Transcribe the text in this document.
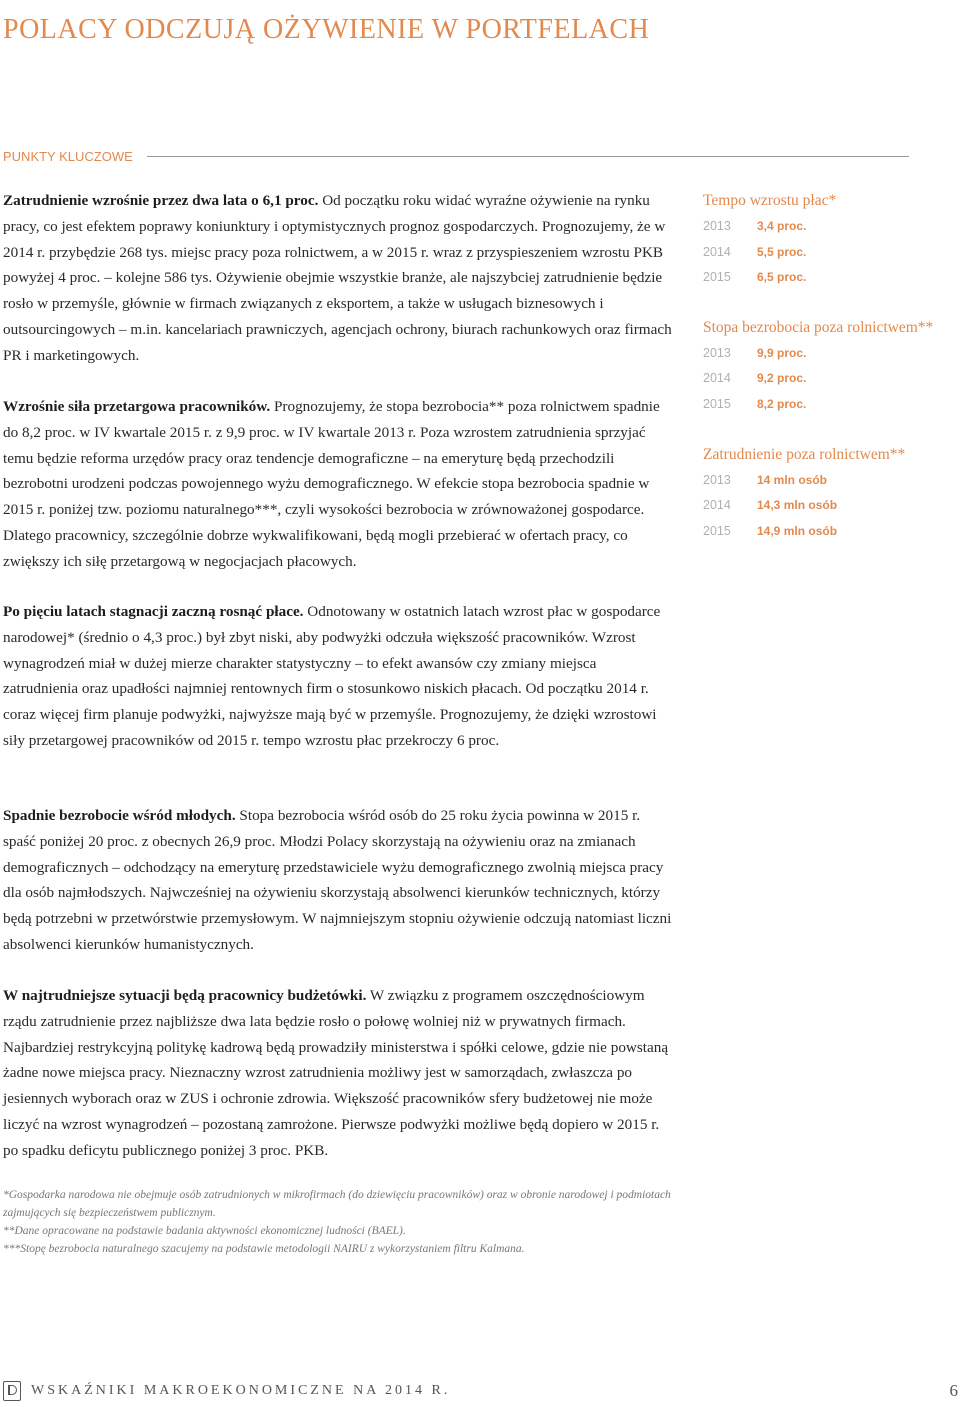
POLACY ODCZUJĄ OŻYWIENIE W PORTFELACH
PUNKTY KLUCZOWE

Zatrudnienie wzrośnie przez dwa lata o 6,1 proc. Od początku roku widać wyraźne ożywienie na rynku pracy, co jest efektem poprawy koniunktury i optymistycznych prognoz gospodarczych. Prognozujemy, że w 2014 r. przybędzie 268 tys. miejsc pracy poza rolnictwem, a w 2015 r. wraz z przyspieszeniem wzrostu PKB powyżej 4 proc. – kolejne 586 tys. Ożywienie obejmie wszystkie branże, ale najszybciej zatrudnienie będzie rosło w przemyśle, głównie w firmach związanych z eksportem, a także w usługach biznesowych i outsourcingowych – m.in. kancelariach prawniczych, agencjach ochrony, biurach rachunkowych oraz firmach PR i marketingowych.

Wzrośnie siła przetargowa pracowników. Prognozujemy, że stopa bezrobocia** poza rolnictwem spadnie do 8,2 proc. w IV kwartale 2015 r. z 9,9 proc. w IV kwartale 2013 r. Poza wzrostem zatrudnienia sprzyjać temu będzie reforma urzędów pracy oraz tendencje demograficzne – na emeryturę będą przechodzili bezrobotni urodzeni podczas powojennego wyżu demograficznego. W efekcie stopa bezrobocia spadnie w 2015 r. poniżej tzw. poziomu naturalnego***, czyli wysokości bezrobocia w zrównoważonej gospodarce. Dlatego pracownicy, szczególnie dobrze wykwalifikowani, będą mogli przebierać w ofertach pracy, co zwiększy ich siłę przetargową w negocjacjach płacowych.

Po pięciu latach stagnacji zaczną rosnąć płace. Odnotowany w ostatnich latach wzrost płac w gospodarce narodowej* (średnio o 4,3 proc.) był zbyt niski, aby podwyżki odczuła większość pracowników. Wzrost wynagrodzeń miał w dużej mierze charakter statystyczny – to efekt awansów czy zmiany miejsca zatrudnienia oraz upadłości najmniej rentownych firm o stosunkowo niskich płacach. Od początku 2014 r. coraz więcej firm planuje podwyżki, najwyższe mają być w przemyśle. Prognozujemy, że dzięki wzrostowi siły przetargowej pracowników od 2015 r. tempo wzrostu płac przekroczy 6 proc.

Spadnie bezrobocie wśród młodych. Stopa bezrobocia wśród osób do 25 roku życia powinna w 2015 r. spaść poniżej 20 proc. z obecnych 26,9 proc. Młodzi Polacy skorzystają na ożywieniu oraz na zmianach demograficznych – odchodzący na emeryturę przedstawiciele wyżu demograficznego zwolnią miejsca pracy dla osób najmłodszych. Najwcześniej na ożywieniu skorzystają absolwenci kierunków technicznych, którzy będą potrzebni w przetwórstwie przemysłowym. W najmniejszym stopniu ożywienie odczują natomiast liczni absolwenci kierunków humanistycznych.

W najtrudniejsze sytuacji będą pracownicy budżetówki. W związku z programem oszczędnościowym rządu zatrudnienie przez najbliższe dwa lata będzie rosło o połowę wolniej niż w prywatnych firmach. Najbardziej restrykcyjną politykę kadrową będą prowadziły ministerstwa i spółki celowe, gdzie nie powstaną żadne nowe miejsca pracy. Nieznaczny wzrost zatrudnienia możliwy jest w samorządach, zwłaszcza po jesiennych wyborach oraz w ZUS i ochronie zdrowia. Większość pracowników sfery budżetowej nie może liczyć na wzrost wynagrodzeń – pozostaną zamrożone. Pierwsze podwyżki możliwe będą dopiero w 2015 r. po spadku deficytu publicznego poniżej 3 proc. PKB.

Tempo wzrostu płac*
2013	3,4 proc.
2014	5,5 proc.
2015	6,5 proc.
Stopa bezrobocia poza rolnictwem**
2013	9,9 proc.
2014	9,2 proc.
2015	8,2 proc.
Zatrudnienie poza rolnictwem**
2013	14 mln osób
2014	14,3 mln osób
2015	14,9 mln osób

*Gospodarka narodowa nie obejmuje osób zatrudnionych w mikrofirmach (do dziewięciu pracowników) oraz w obronie narodowej i podmiotach zajmujących się bezpieczeństwem publicznym.

**Dane opracowane na podstawie badania aktywności ekonomicznej ludności (BAEL).

***Stopę bezrobocia naturalnego szacujemy na podstawie metodologii NAIRU z wykorzystaniem filtru Kalmana.

WSKAŹNIKI MAKROEKONOMICZNE NA 2014 R.	6
